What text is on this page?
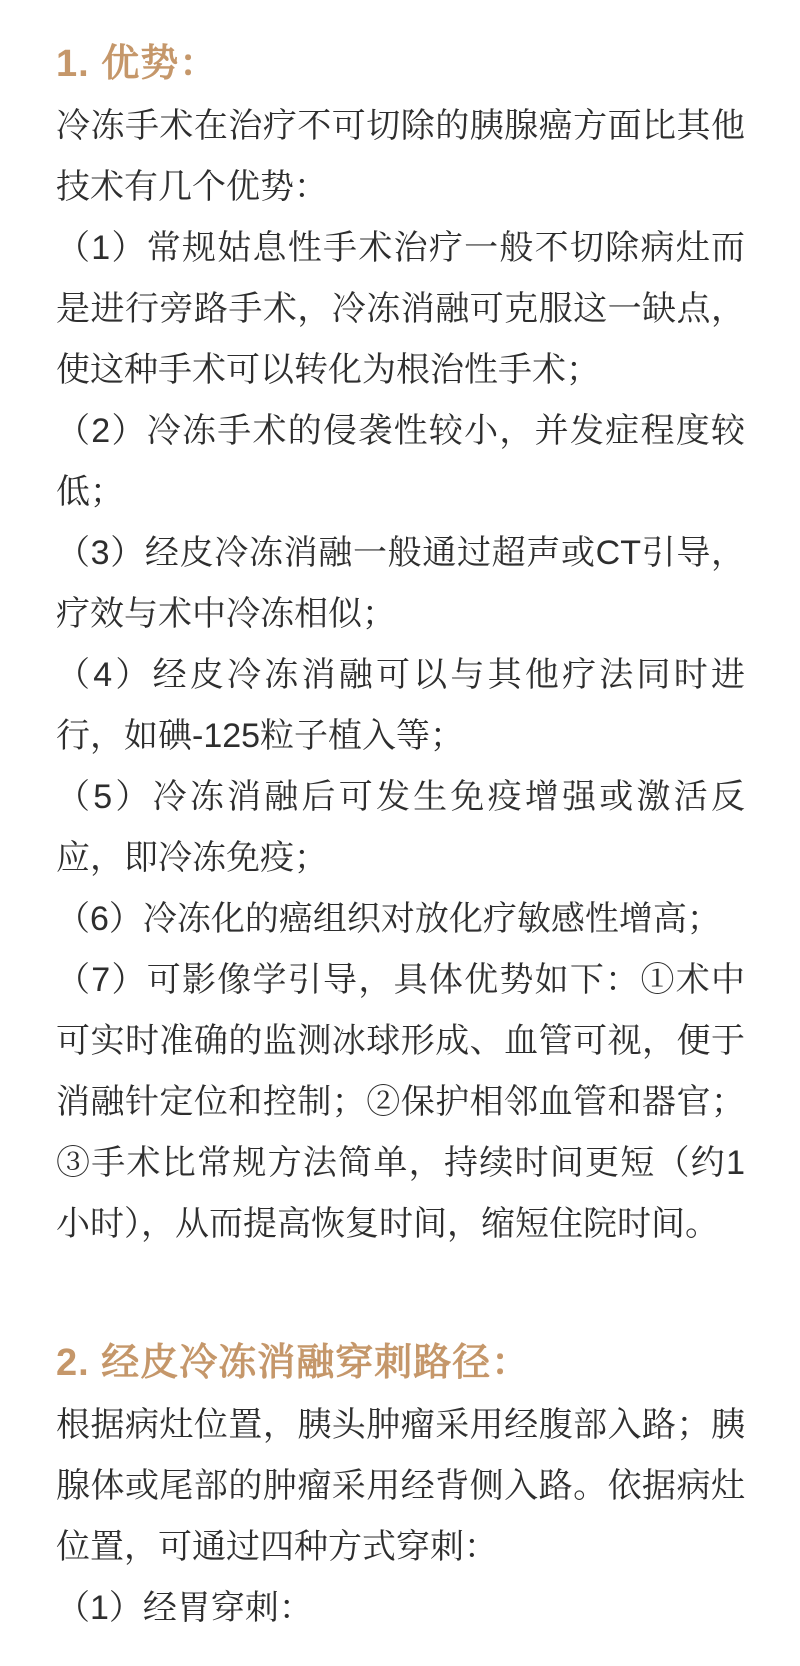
1. 优势：

冷冻手术在治疗不可切除的胰腺癌方面比其他技术有几个优势：

（1）常规姑息性手术治疗一般不切除病灶而是进行旁路手术，冷冻消融可克服这一缺点，使这种手术可以转化为根治性手术；

（2）冷冻手术的侵袭性较小，并发症程度较低；

（3）经皮冷冻消融一般通过超声或CT引导，疗效与术中冷冻相似；

（4）经皮冷冻消融可以与其他疗法同时进行，如碘-125粒子植入等；

（5）冷冻消融后可发生免疫增强或激活反应，即冷冻免疫；

（6）冷冻化的癌组织对放化疗敏感性增高；

（7）可影像学引导，具体优势如下：①术中可实时准确的监测冰球形成、血管可视，便于消融针定位和控制；②保护相邻血管和器官；③手术比常规方法简单，持续时间更短（约1小时），从而提高恢复时间，缩短住院时间。

2. 经皮冷冻消融穿刺路径：

根据病灶位置，胰头肿瘤采用经腹部入路；胰腺体或尾部的肿瘤采用经背侧入路。依据病灶位置，可通过四种方式穿刺：

（1）经胃穿刺：
